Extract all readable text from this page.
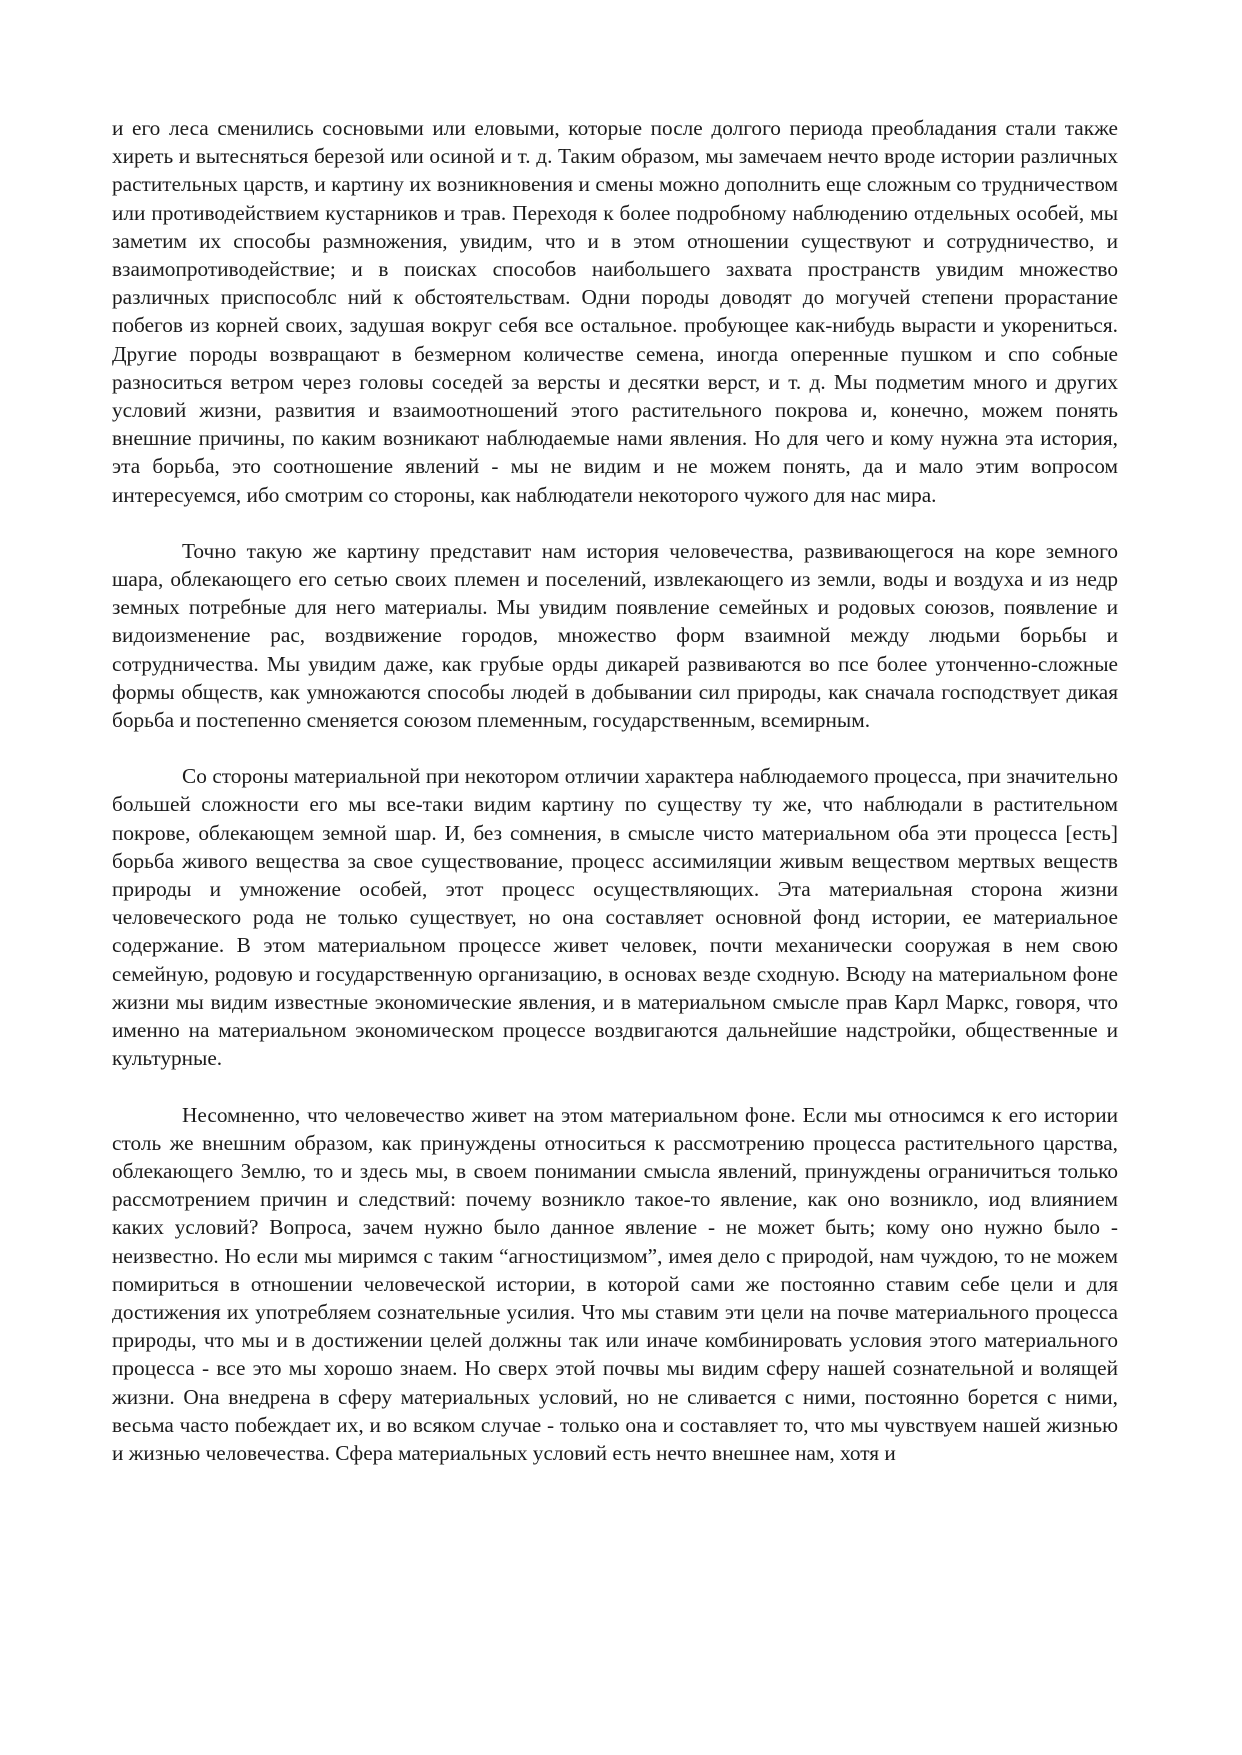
и его леса сменились сосновыми или еловыми, которые после долгого периода преобладания стали также хиреть и вытесняться березой или осиной и т. д. Таким образом, мы замечаем нечто вроде истории различных растительных царств, и картину их возникновения и смены можно дополнить еще сложным со трудничеством или противодействием кустарников и трав. Переходя к более подробному наблюдению отдельных особей, мы заметим их способы размножения, увидим, что и в этом отношении существуют и сотрудничество, и взаимопротиводействие; и в поисках способов наибольшего захвата пространств увидим множество различных приспособлс ний к обстоятельствам. Одни породы доводят до могучей степени прорастание побегов из корней своих, задушая вокруг себя все остальное. пробующее как-нибудь вырасти и укорениться. Другие породы возвращают в безмерном количестве семена, иногда оперенные пушком и спо собные разноситься ветром через головы соседей за версты и десятки верст, и т. д. Мы подметим много и других условий жизни, развития и взаимоотношений этого растительного покрова и, конечно, можем понять внешние причины, по каким возникают наблюдаемые нами явления. Но для чего и кому нужна эта история, эта борьба, это соотношение явлений - мы не видим и не можем понять, да и мало этим вопросом интересуемся, ибо смотрим со стороны, как наблюдатели некоторого чужого для нас мира.

Точно такую же картину представит нам история человечества, развивающегося на коре земного шара, облекающего его сетью своих племен и поселений, извлекающего из земли, воды и воздуха и из недр земных потребные для него материалы. Мы увидим появление семейных и родовых союзов, появление и видоизменение рас, воздвижение городов, множество форм взаимной между людьми борьбы и сотрудничества. Мы увидим даже, как грубые орды дикарей развиваются во псе более утонченно-сложные формы обществ, как умножаются способы людей в добывании сил природы, как сначала господствует дикая борьба и постепенно сменяется союзом племенным, государственным, всемирным.

Со стороны материальной при некотором отличии характера наблюдаемого процесса, при значительно большей сложности его мы все-таки видим картину по существу ту же, что наблюдали в растительном покрове, облекающем земной шар. И, без сомнения, в смысле чисто материальном оба эти процесса [есть] борьба живого вещества за свое существование, процесс ассимиляции живым веществом мертвых веществ природы и умножение особей, этот процесс осуществляющих. Эта материальная сторона жизни человеческого рода не только существует, но она составляет основной фонд истории, ее материальное содержание. В этом материальном процессе живет человек, почти механически сооружая в нем свою семейную, родовую и государственную организацию, в основах везде сходную. Всюду на материальном фоне жизни мы видим известные экономические явления, и в материальном смысле прав Карл Маркс, говоря, что именно на материальном экономическом процессе воздвигаются дальнейшие надстройки, общественные и культурные.

Несомненно, что человечество живет на этом материальном фоне. Если мы относимся к его истории столь же внешним образом, как принуждены относиться к рассмотрению процесса растительного царства, облекающего Землю, то и здесь мы, в своем понимании смысла явлений, принуждены ограничиться только рассмотрением причин и следствий: почему возникло такое-то явление, как оно возникло, иод влиянием каких условий? Вопроса, зачем нужно было данное явление - не может быть; кому оно нужно было - неизвестно. Но если мы миримся с таким “агностицизмом”, имея дело с природой, нам чуждою, то не можем помириться в отношении человеческой истории, в которой сами же постоянно ставим себе цели и для достижения их употребляем сознательные усилия. Что мы ставим эти цели на почве материального процесса природы, что мы и в достижении целей должны так или иначе комбинировать условия этого материального процесса - все это мы хорошо знаем. Но сверх этой почвы мы видим сферу нашей сознательной и волящей жизни. Она внедрена в сферу материальных условий, но не сливается с ними, постоянно борется с ними, весьма часто побеждает их, и во всяком случае - только она и составляет то, что мы чувствуем нашей жизнью и жизнью человечества. Сфера материальных условий есть нечто внешнее нам, хотя и
